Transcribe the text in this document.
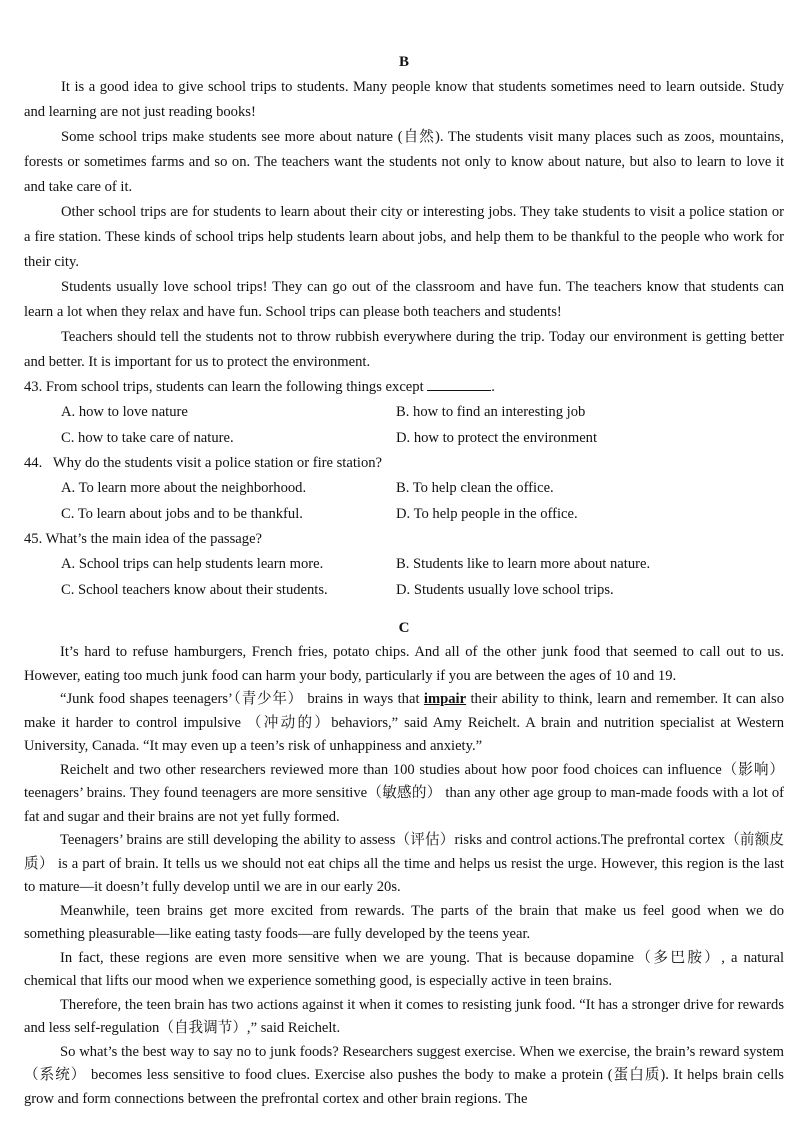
B

It is a good idea to give school trips to students. Many people know that students sometimes need to learn outside. Study and learning are not just reading books!

Some school trips make students see more about nature (自然). The students visit many places such as zoos, mountains, forests or sometimes farms and so on. The teachers want the students not only to know about nature, but also to learn to love it and take care of it.

Other school trips are for students to learn about their city or interesting jobs. They take students to visit a police station or a fire station. These kinds of school trips help students learn about jobs, and help them to be thankful to the people who work for their city.

Students usually love school trips! They can go out of the classroom and have fun. The teachers know that students can learn a lot when they relax and have fun. School trips can please both teachers and students!

Teachers should tell the students not to throw rubbish everywhere during the trip. Today our environment is getting better and better. It is important for us to protect the environment.

43. From school trips, students can learn the following things except	.

A. how to love nature	B. how to find an interesting job
C. how to take care of nature.	D. how to protect the environment

44.   Why do the students visit a police station or fire station?

A. To learn more about the neighborhood.	B. To help clean the office.
C. To learn about jobs and to be thankful.	D. To help people in the office.

45. What’s the main idea of the passage?

A. School trips can help students learn more.	B. Students like to learn more about nature.
C. School teachers know about their students.	D. Students usually love school trips.
C

It’s hard to refuse hamburgers, French fries, potato chips. And all of the other junk food that seemed to call out to us. However, eating too much junk food can harm your body, particularly if you are between the ages of 10 and 19.

“Junk food shapes teenagers’（青少年） brains in ways that impair their ability to think, learn and remember. It can also make it harder to control impulsive （冲动的）behaviors,” said Amy Reichelt. A brain and nutrition specialist at Western University, Canada. “It may even up a teen’s risk of unhappiness and anxiety.”

Reichelt and two other researchers reviewed more than 100 studies about how poor food choices can influence（影响） teenagers’ brains. They found teenagers are more sensitive（敏感的） than any other age group to man-made foods with a lot of fat and sugar and their brains are not yet fully formed.

Teenagers’ brains are still developing the ability to assess（评估）risks and control actions.The prefrontal cortex（前额皮质） is a part of brain. It tells us we should not eat chips all the time and helps us resist the urge. However, this region is the last to mature—it doesn’t fully develop until we are in our early 20s.

Meanwhile, teen brains get more excited from rewards. The parts of the brain that make us feel good when we do something pleasurable—like eating tasty foods—are fully developed by the teens year.

In fact, these regions are even more sensitive when we are young. That is because dopamine（多巴胺）, a natural chemical that lifts our mood when we experience something good, is especially active in teen brains.

Therefore, the teen brain has two actions against it when it comes to resisting junk food. “It has a stronger drive for rewards and less self-regulation（自我调节）,” said Reichelt.

So what’s the best way to say no to junk foods? Researchers suggest exercise. When we exercise, the brain’s reward system（系统） becomes less sensitive to food clues. Exercise also pushes the body to make a protein (蛋白质). It helps brain cells grow and form connections between the prefrontal cortex and other brain regions. The
